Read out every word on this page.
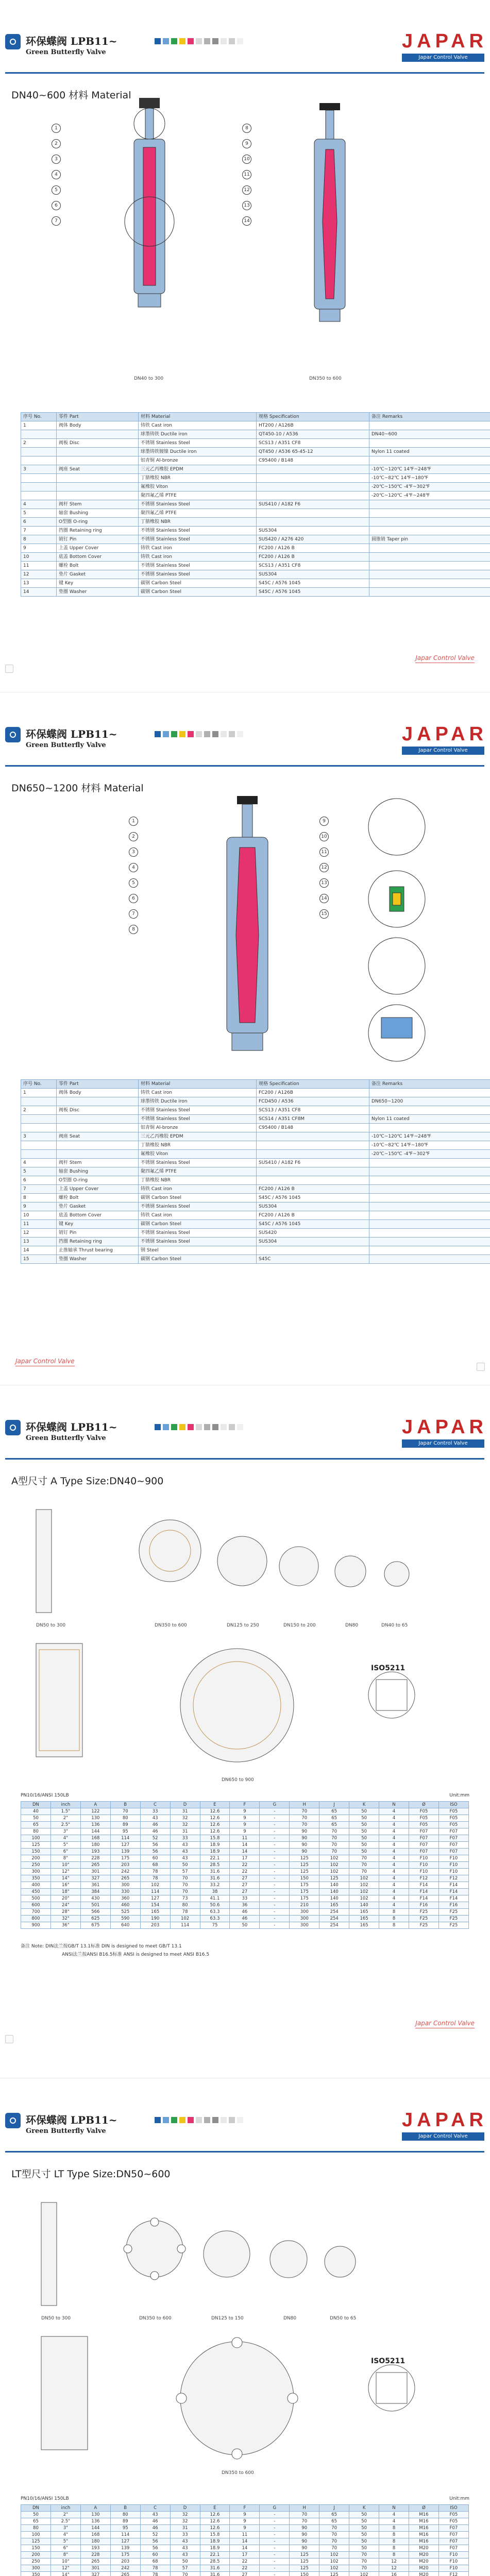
环保蝶阀 LPB11~
Green Butterfly Valve
JAPAR
Japar Control Valve
DN40~600 材料 Material
1
2
3
4
5
6
7
8
9
10
11
12
13
14
DN40 to 300	DN350 to 600
序号 No.	零件 Part	材料 Material	规格 Specification	备注 Remarks
1	阀体 Body	铸铁 Cast iron	HT200 / A126B	
		球墨铸铁 Ductile iron	QT450-10 / A536	DN40~600
2	阀板 Disc	不锈钢 Stainless Steel	SCS13 / A351 CF8	
		球墨铸铁镀镍 Ductile iron	QT450 / A536 65-45-12	Nylon 11 coated
		铝青铜 Al-bronze	C95400 / B148	
3	阀座 Seat	三元乙丙橡胶 EPDM		-10℃~120℃ 14℉~248℉
		丁腈橡胶 NBR		-10℃~82℃ 14℉~180℉
		氟橡胶 Viton		-20℃~150℃ -4℉~302℉
		聚四氟乙烯 PTFE		-20℃~120℃ -4℉~248℉
4	阀杆 Stem	不锈钢 Stainless Steel	SUS410 / A182 F6	
5	轴套 Bushing	聚四氟乙烯 PTFE		
6	O型圈 O-ring	丁腈橡胶 NBR		
7	挡圈 Retaining ring	不锈钢 Stainless Steel	SUS304	
8	销钉 Pin	不锈钢 Stainless Steel	SUS420 / A276 420	圆锥销 Taper pin
9	上盖 Upper Cover	铸铁 Cast iron	FC200 / A126 B	
10	底盖 Bottom Cover	铸铁 Cast iron	FC200 / A126 B	
11	螺栓 Bolt	不锈钢 Stainless Steel	SCS13 / A351 CF8	
12	垫片 Gasket	不锈钢 Stainless Steel	SUS304	
13	键 Key	碳钢 Carbon Steel	S45C / A576 1045	
14	垫圈 Washer	碳钢 Carbon Steel	S45C / A576 1045	
Japar Control Valve
环保蝶阀 LPB11~
Green Butterfly Valve
JAPAR
Japar Control Valve
DN650~1200 材料 Material
1
2
3
4
5
6
7
8
9
10
11
12
13
14
15
序号 No.	零件 Part	材料 Material	规格 Specification	备注 Remarks
1	阀体 Body	铸铁 Cast iron	FC200 / A126B	
		球墨铸铁 Ductile iron	FCD450 / A536	DN650~1200
2	阀板 Disc	不锈钢 Stainless Steel	SCS13 / A351 CF8	
		不锈钢 Stainless Steel	SCS14 / A351 CF8M	Nylon 11 coated
		铝青铜 Al-bronze	C95400 / B148	
3	阀座 Seat	三元乙丙橡胶 EPDM		-10℃~120℃ 14℉~248℉
		丁腈橡胶 NBR		-10℃~82℃ 14℉~180℉
		氟橡胶 Viton		-20℃~150℃ -4℉~302℉
4	阀杆 Stem	不锈钢 Stainless Steel	SUS410 / A182 F6	
5	轴套 Bushing	聚四氟乙烯 PTFE		
6	O型圈 O-ring	丁腈橡胶 NBR		
7	上盖 Upper Cover	铸铁 Cast iron	FC200 / A126 B	
8	螺栓 Bolt	碳钢 Carbon Steel	S45C / A576 1045	
9	垫片 Gasket	不锈钢 Stainless Steel	SUS304	
10	底盖 Bottom Cover	铸铁 Cast iron	FC200 / A126 B	
11	键 Key	碳钢 Carbon Steel	S45C / A576 1045	
12	销钉 Pin	不锈钢 Stainless Steel	SUS420	
13	挡圈 Retaining ring	不锈钢 Stainless Steel	SUS304	
14	止推轴承 Thrust bearing	钢 Steel		
15	垫圈 Washer	碳钢 Carbon Steel	S45C	
Japar Control Valve
环保蝶阀 LPB11~
Green Butterfly Valve
JAPAR
Japar Control Valve
A型尺寸 A Type Size:DN40~900
DN50 to 300	DN350 to 600	DN125 to 250	DN150 to 200	DN80	DN40 to 65
DN650 to 900
ISO5211
PN10/16/ANSI 150LB	Unit:mm
DN	inch	A	B	C	D	E	F	G	H	J	K	N	Ø	ISO
40	1.5"	122	70	33	31	12.6	9	-	70	65	50	4	F05	F05
50	2"	130	80	43	32	12.6	9	-	70	65	50	4	F05	F05
65	2.5"	136	89	46	32	12.6	9	-	70	65	50	4	F05	F05
80	3"	144	95	46	31	12.6	9	-	90	70	50	4	F07	F07
100	4"	168	114	52	33	15.8	11	-	90	70	50	4	F07	F07
125	5"	180	127	56	43	18.9	14	-	90	70	50	4	F07	F07
150	6"	193	139	56	43	18.9	14	-	90	70	50	4	F07	F07
200	8"	228	175	60	43	22.1	17	-	125	102	70	4	F10	F10
250	10"	265	203	68	50	28.5	22	-	125	102	70	4	F10	F10
300	12"	301	242	78	57	31.6	22	-	125	102	70	4	F10	F10
350	14"	327	265	78	70	31.6	27	-	150	125	102	4	F12	F12
400	16"	361	300	102	70	33.2	27	-	175	140	102	4	F14	F14
450	18"	384	330	114	70	38	27	-	175	140	102	4	F14	F14
500	20"	430	360	127	73	41.1	33	-	175	140	102	4	F14	F14
600	24"	501	460	154	80	50.6	36	-	210	165	140	4	F16	F16
700	28"	566	525	165	78	63.3	46	-	300	254	165	8	F25	F25
800	32"	625	590	190	102	63.3	46	-	300	254	165	8	F25	F25
900	36"	675	640	203	114	75	50	-	300	254	165	8	F25	F25
备注 Note: DIN法兰按GB/T 13.1标准 DIN is designed to meet GB/T 13.1
ANSI法兰按ANSI B16.5标准 ANSI is designed to meet ANSI B16.5
Japar Control Valve
环保蝶阀 LPB11~
Green Butterfly Valve
JAPAR
Japar Control Valve
LT型尺寸 LT Type Size:DN50~600
DN50 to 300	DN350 to 600	DN125 to 150	DN80	DN50 to 65
DN350 to 600
ISO5211
PN10/16/ANSI 150LB	Unit:mm
DN	inch	A	B	C	D	E	F	G	H	J	K	N	Ø	ISO
50	2"	130	80	43	32	12.6	9	-	70	65	50	4	M16	F05
65	2.5"	136	89	46	32	12.6	9	-	70	65	50	4	M16	F05
80	3"	144	95	46	31	12.6	9	-	90	70	50	8	M16	F07
100	4"	168	114	52	33	15.8	11	-	90	70	50	8	M16	F07
125	5"	180	127	56	43	18.9	14	-	90	70	50	8	M16	F07
150	6"	193	139	56	43	18.9	14	-	90	70	50	8	M20	F07
200	8"	228	175	60	43	22.1	17	-	125	102	70	8	M20	F10
250	10"	265	203	68	50	28.5	22	-	125	102	70	12	M20	F10
300	12"	301	242	78	57	31.6	22	-	125	102	70	12	M20	F10
350	14"	327	265	78	70	31.6	27	-	150	125	102	16	M20	F12
